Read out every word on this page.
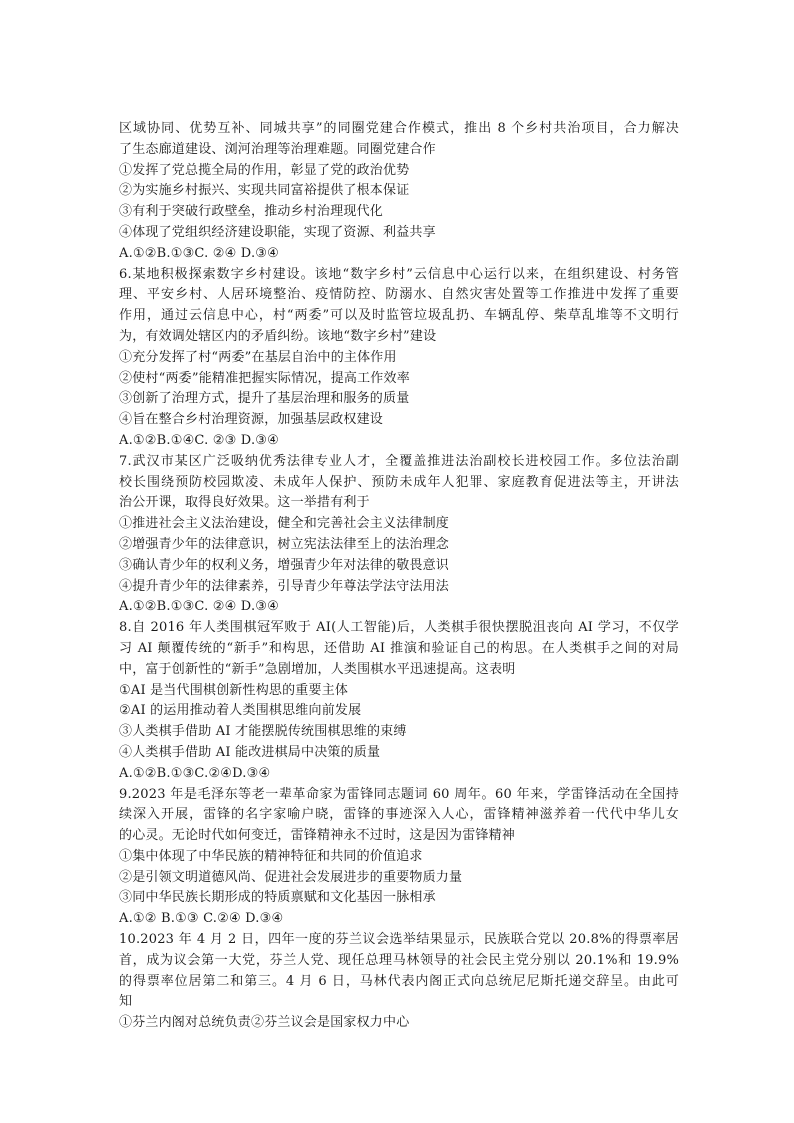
区域协同、优势互补、同城共享”的同圈党建合作模式，推出 8 个乡村共治项目，合力解决
了生态廊道建设、浏河治理等治理难题。同圈党建合作
①发挥了党总揽全局的作用，彰显了党的政治优势
②为实施乡村振兴、实现共同富裕提供了根本保证
③有利于突破行政壁垒，推动乡村治理现代化
④体现了党组织经济建设职能，实现了资源、利益共享
A.①②B.①③C. ②④ D.③④
6.某地积极探索数字乡村建设。该地“数字乡村”云信息中心运行以来，在组织建设、村务管
理、平安乡村、人居环境整治、疫情防控、防溺水、自然灾害处置等工作推进中发挥了重要
作用，通过云信息中心，村“两委”可以及时监管垃圾乱扔、车辆乱停、柴草乱堆等不文明行
为，有效调处辖区内的矛盾纠纷。该地“数字乡村”建设
①充分发挥了村“两委”在基层自治中的主体作用
②使村“两委”能精准把握实际情况，提高工作效率
③创新了治理方式，提升了基层治理和服务的质量
④旨在整合乡村治理资源，加强基层政权建设
A.①②B.①④C. ②③ D.③④
7.武汉市某区广泛吸纳优秀法律专业人才，全覆盖推进法治副校长进校园工作。多位法治副
校长围绕预防校园欺凌、未成年人保护、预防未成年人犯罪、家庭教育促进法等主，开讲法
治公开课，取得良好效果。这一举措有利于
①推进社会主义法治建设，健全和完善社会主义法律制度
②增强青少年的法律意识，树立宪法法律至上的法治理念
③确认青少年的权利义务，增强青少年对法律的敬畏意识
④提升青少年的法律素养，引导青少年尊法学法守法用法
A.①②B.①③C. ②④ D.③④
8.自 2016 年人类围棋冠军败于 AI(人工智能)后，人类棋手很快摆脱沮丧向 AI 学习，不仅学
习 AI 颠覆传统的“新手”和构思，还借助 AI 推演和验证自己的构思。在人类棋手之间的对局
中，富于创新性的“新手”急剧增加，人类围棋水平迅速提高。这表明
①AI 是当代围棋创新性构思的重要主体
②AI 的运用推动着人类围棋思维向前发展
③人类棋手借助 AI 才能摆脱传统围棋思维的束缚
④人类棋手借助 AI 能改进棋局中决策的质量
A.①②B.①③C.②④D.③④
9.2023 年是毛泽东等老一辈革命家为雷锋同志题词 60 周年。60 年来，学雷锋活动在全国持
续深入开展，雷锋的名字家喻户晓，雷锋的事迹深入人心，雷锋精神滋养着一代代中华儿女
的心灵。无论时代如何变迁，雷锋精神永不过时，这是因为雷锋精神
①集中体现了中华民族的精神特征和共同的价值追求
②是引领文明道德风尚、促进社会发展进步的重要物质力量
③同中华民族长期形成的特质禀赋和文化基因一脉相承
A.①② B.①③ C.②④ D.③④
10.2023 年 4 月 2 日，四年一度的芬兰议会选举结果显示，民族联合党以 20.8%的得票率居
首，成为议会第一大党，芬兰人党、现任总理马林领导的社会民主党分别以 20.1%和 19.9%
的得票率位居第二和第三。4 月 6 日，马林代表内阁正式向总统尼尼斯托递交辞呈。由此可
知
①芬兰内阁对总统负责②芬兰议会是国家权力中心
